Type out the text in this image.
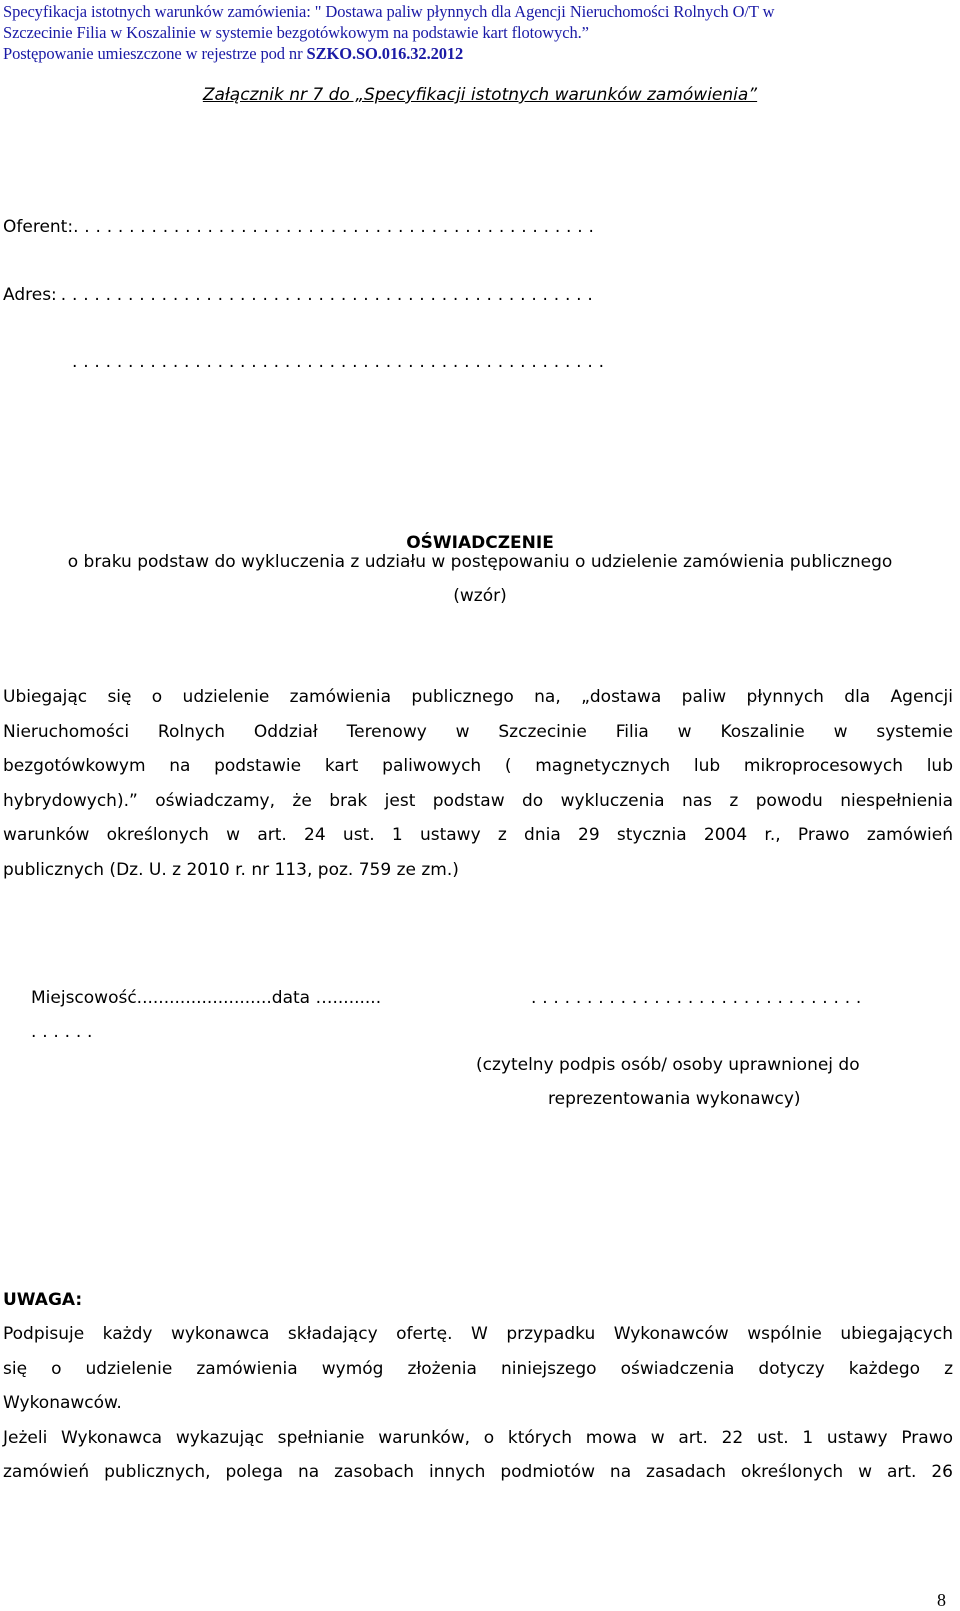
Specyfikacja istotnych warunków zamówienia: " Dostawa paliw płynnych dla Agencji Nieruchomości Rolnych O/T w
Szczecinie Filia w Koszalinie w systemie bezgotówkowym na podstawie kart flotowych.”
Postępowanie umieszczone w rejestrze pod nr SZKO.SO.016.32.2012
Załącznik nr 7 do „Specyfikacji istotnych warunków zamówienia”
Oferent:...............................................
Adres: ................................................
................................................
OŚWIADCZENIE
o braku podstaw do wykluczenia z udziału w postępowaniu o udzielenie zamówienia publicznego
(wzór)
Ubiegając się o udzielenie zamówienia publicznego na, „dostawa paliw płynnych dla Agencji
Nieruchomości Rolnych Oddział Terenowy w Szczecinie Filia w Koszalinie w systemie
bezgotówkowym na podstawie kart paliwowych ( magnetycznych lub mikroprocesowych lub
hybrydowych).” oświadczamy, że brak jest podstaw do wykluczenia nas z powodu niespełnienia
warunków określonych w art. 24 ust. 1 ustawy z dnia 29 stycznia 2004 r., Prawo zamówień
publicznych (Dz. U. z 2010 r. nr 113, poz. 759 ze zm.)
Miejscowość.........................data ….........	..............................
......
(czytelny podpis osób/ osoby uprawnionej do
reprezentowania wykonawcy)
UWAGA:
Podpisuje każdy wykonawca składający ofertę. W przypadku Wykonawców wspólnie ubiegających
się o udzielenie zamówienia wymóg złożenia niniejszego oświadczenia dotyczy każdego z
Wykonawców.
Jeżeli Wykonawca wykazując spełnianie warunków, o których mowa w art. 22 ust. 1 ustawy Prawo
zamówień publicznych, polega na zasobach innych podmiotów na zasadach określonych w art. 26
8
